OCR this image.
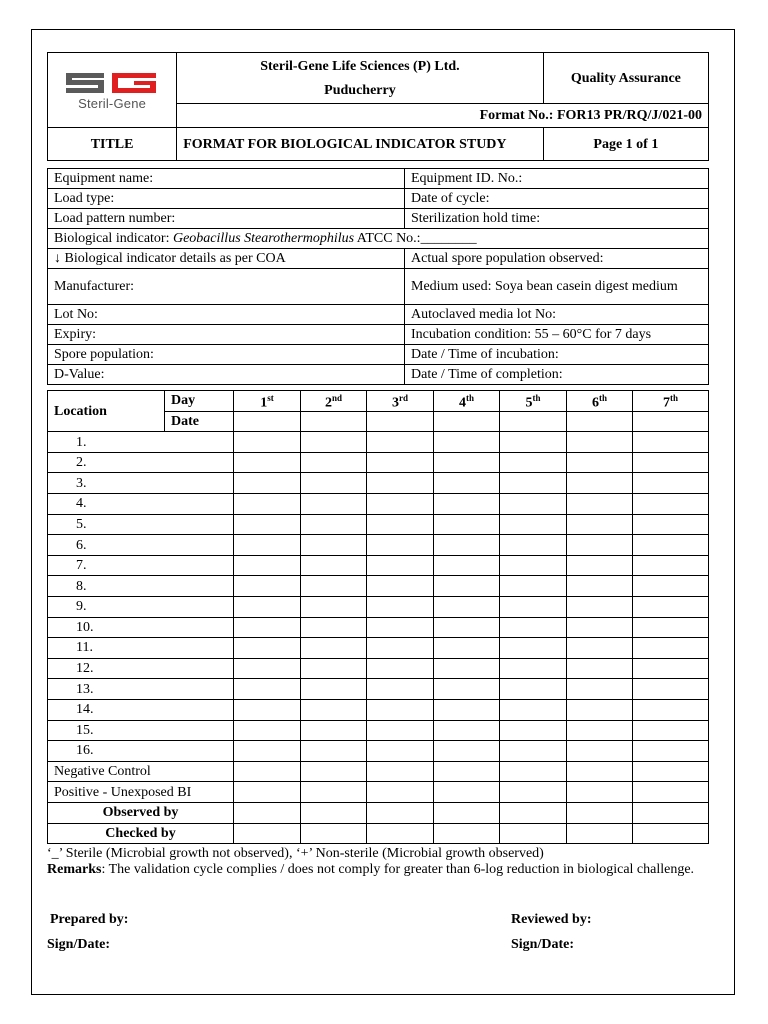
Steril-Gene	Steril-Gene Life Sciences (P) Ltd.
Puducherry	Quality Assurance
	Format No.: FOR13 PR/RQ/J/021-00	
TITLE	FORMAT FOR BIOLOGICAL INDICATOR STUDY	Page 1 of 1
Equipment name:	Equipment ID. No.:
Load type:	Date of cycle:
Load pattern number:	Sterilization hold time:
Biological indicator: Geobacillus Stearothermophilus ATCC No.:________	
↓ Biological indicator details as per COA	Actual spore population observed:
Manufacturer:	Medium used: Soya bean casein digest medium
Lot No:	Autoclaved media lot No:
Expiry:	Incubation condition: 55 – 60°C for 7 days
Spore population:	Date / Time of incubation:
D-Value:	Date / Time of completion:
Location	Day	1st	2nd	3rd	4th	5th	6th	7th
	Date							
1.								
2.								
3.								
4.								
5.								
6.								
7.								
8.								
9.								
10.								
11.								
12.								
13.								
14.								
15.								
16.								
Negative Control								
Positive - Unexposed BI								
Observed by								
Checked by								
‘_’ Sterile (Microbial growth not observed), ‘+’ Non-sterile (Microbial growth observed)
Remarks: The validation cycle complies / does not comply for greater than 6-log reduction in biological challenge.
Prepared by:	Reviewed by:
Sign/Date:	Sign/Date:
